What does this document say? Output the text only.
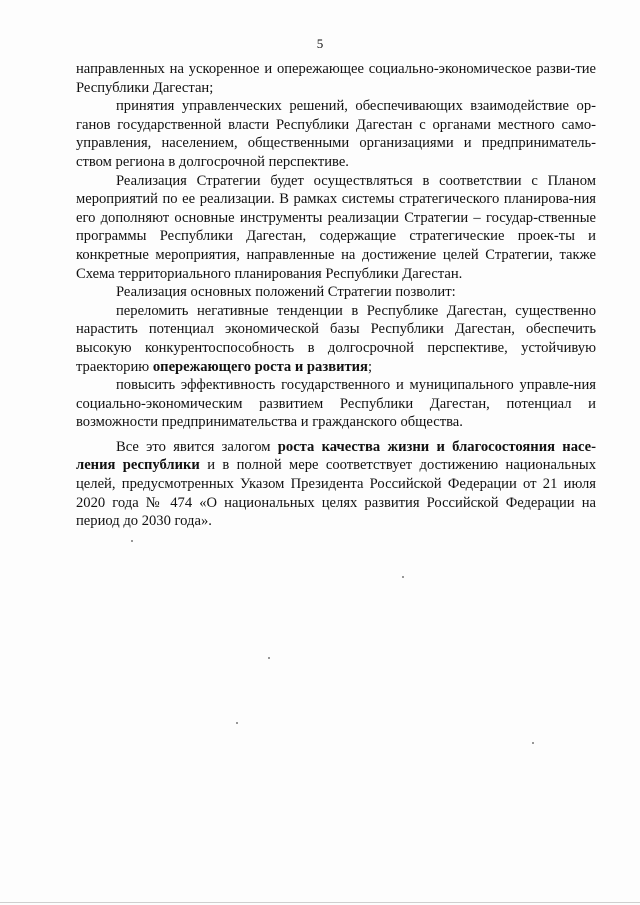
5

направленных на ускоренное и опережающее социально-экономическое разви-тие Республики Дагестан;

принятия управленческих решений, обеспечивающих взаимодействие ор-ганов государственной власти Республики Дагестан с органами местного само-управления, населением, общественными организациями и предприниматель-ством региона в долгосрочной перспективе.

Реализация Стратегии будет осуществляться в соответствии с Планом мероприятий по ее реализации. В рамках системы стратегического планирова-ния его дополняют основные инструменты реализации Стратегии – государ-ственные программы Республики Дагестан, содержащие стратегические проек-ты и конкретные мероприятия, направленные на достижение целей Стратегии, также Схема территориального планирования Республики Дагестан.

Реализация основных положений Стратегии позволит:

переломить негативные тенденции в Республике Дагестан, существенно нарастить потенциал экономической базы Республики Дагестан, обеспечить высокую конкурентоспособность в долгосрочной перспективе, устойчивую траекторию опережающего роста и развития;

повысить эффективность государственного и муниципального управле-ния социально-экономическим развитием Республики Дагестан, потенциал и возможности предпринимательства и гражданского общества.

Все это явится залогом роста качества жизни и благосостояния насе-ления республики и в полной мере соответствует достижению национальных целей, предусмотренных Указом Президента Российской Федерации от 21 июля 2020 года № 474 «О национальных целях развития Российской Федерации на период до 2030 года».
